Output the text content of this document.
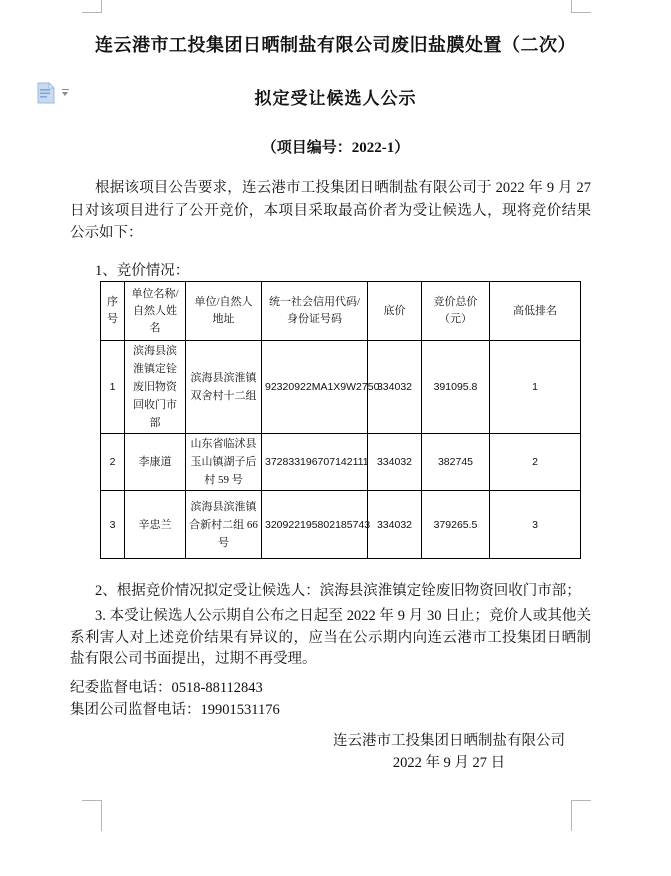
连云港市工投集团日晒制盐有限公司废旧盐膜处置（二次）
拟定受让候选人公示
（项目编号：2022-1）
根据该项目公告要求，连云港市工投集团日晒制盐有限公司于 2022 年 9 月 27 日对该项目进行了公开竞价，本项目采取最高价者为受让候选人，现将竞价结果公示如下：
1、竞价情况：
序号	单位名称/自然人姓名	单位/自然人地址	统一社会信用代码/身份证号码	底价	竞价总价（元）	高低排名
1	滨海县滨淮镇定铨废旧物资回收门市部	滨海县滨淮镇双舍村十二组	92320922MA1X9W2750	334032	391095.8	1
2	李康道	山东省临沭县玉山镇湖子后村 59 号	372833196707142111	334032	382745	2
3	辛忠兰	滨海县滨淮镇合新村二组 66 号	320922195802185743	334032	379265.5	3
2、根据竞价情况拟定受让候选人：滨海县滨淮镇定铨废旧物资回收门市部；
3. 本受让候选人公示期自公布之日起至 2022 年 9 月 30 日止；竞价人或其他关系利害人对上述竞价结果有异议的，应当在公示期内向连云港市工投集团日晒制盐有限公司书面提出，过期不再受理。
纪委监督电话：0518-88112843
集团公司监督电话：19901531176
连云港市工投集团日晒制盐有限公司
2022 年 9 月 27 日
